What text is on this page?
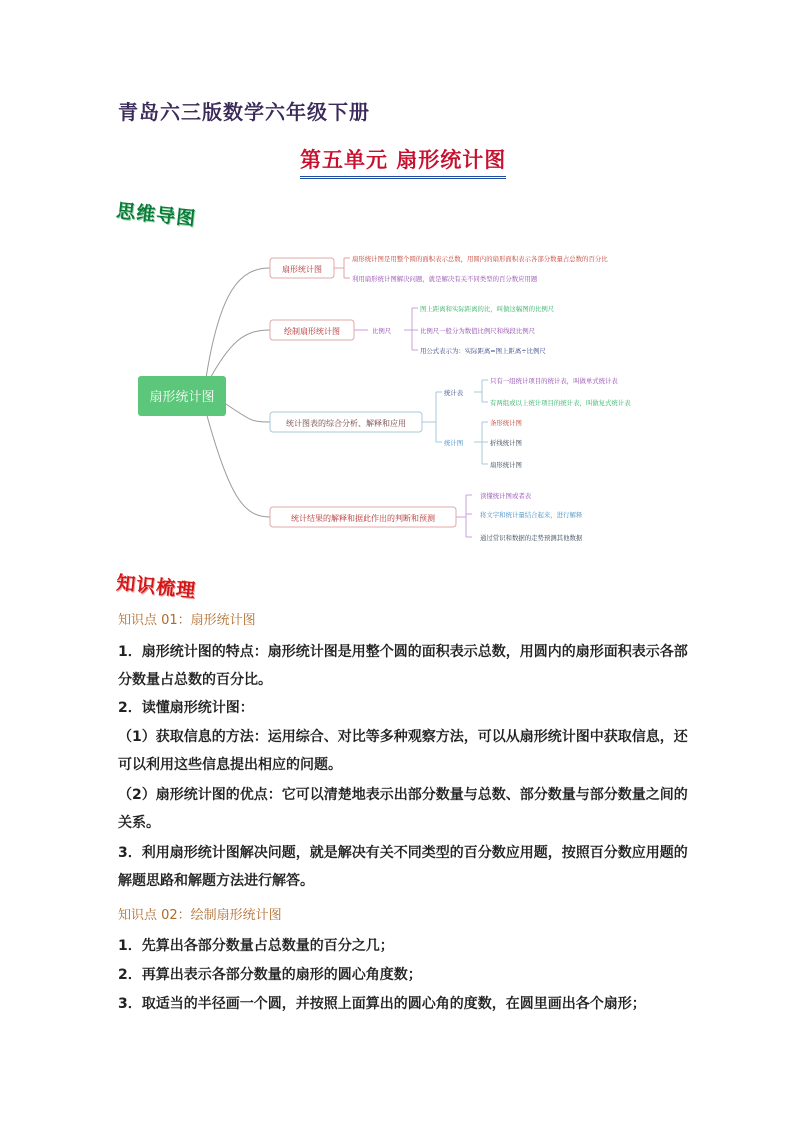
青岛六三版数学六年级下册
第五单元 扇形统计图
思维导图
扇形统计图
扇形统计图
扇形统计图是用整个圆的面积表示总数，用圆内的扇形面积表示各部分数量占总数的百分比
利用扇形统计图解决问题，就是解决有关不同类型的百分数应用题
绘制扇形统计图	比例尺
图上距离和实际距离的比，叫做这幅图的比例尺
比例尺一般分为数值比例尺和线段比例尺
用公式表示为：实际距离=图上距离÷比例尺
统计图表的综合分析、解释和应用
统计表
只有一组统计项目的统计表，叫做单式统计表
有两组或以上统计项目的统计表，叫做复式统计表
统计图
条形统计图
折线统计图
扇形统计图
统计结果的解释和据此作出的判断和预测
读懂统计图或者表
将文字和统计量结合起来，进行解释
通过常识和数据的走势预测其他数据
知识梳理
知识点 01：扇形统计图
1．扇形统计图的特点：扇形统计图是用整个圆的面积表示总数，用圆内的扇形面积表示各部分数量占总数的百分比。
2．读懂扇形统计图：
（1）获取信息的方法：运用综合、对比等多种观察方法，可以从扇形统计图中获取信息，还可以利用这些信息提出相应的问题。
（2）扇形统计图的优点：它可以清楚地表示出部分数量与总数、部分数量与部分数量之间的关系。
3．利用扇形统计图解决问题，就是解决有关不同类型的百分数应用题，按照百分数应用题的解题思路和解题方法进行解答。
知识点 02：绘制扇形统计图
1．先算出各部分数量占总数量的百分之几；
2．再算出表示各部分数量的扇形的圆心角度数；
3．取适当的半径画一个圆，并按照上面算出的圆心角的度数，在圆里画出各个扇形；
